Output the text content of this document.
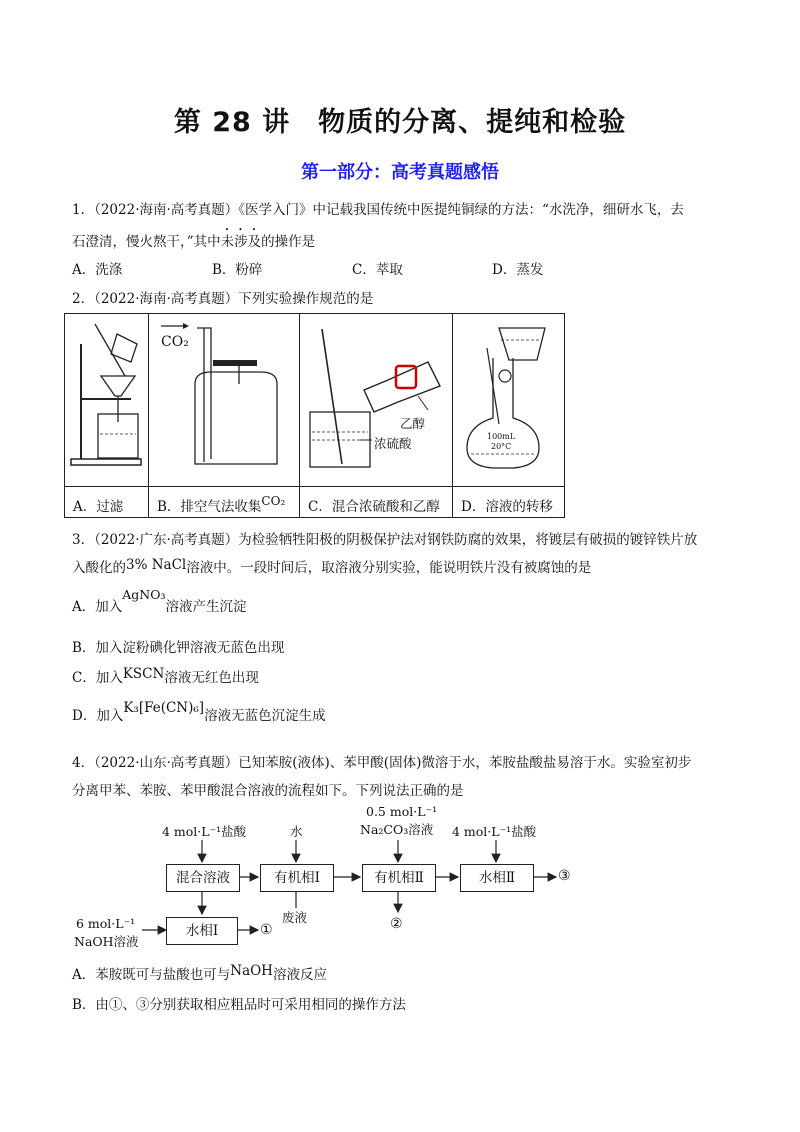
第 28 讲　物质的分离、提纯和检验
第一部分：高考真题感悟
1．（2022·海南·高考真题）《医学入门》中记载我国传统中医提纯铜绿的方法：“水洗净，细研水飞，去
石澄清，慢火熬干，”其中未涉及的操作是
A．洗涤	B．粉碎	C．萃取	D．蒸发
2．（2022·海南·高考真题）下列实验操作规范的是

CO₂	乙醇
浓硫酸	100mL
20°C

A．过滤	B．排空气法收集CO₂	C．混合浓硫酸和乙醇	D．溶液的转移
3．（2022·广东·高考真题）为检验牺牲阳极的阴极保护法对钢铁防腐的效果，将镀层有破损的镀锌铁片放
入酸化的3% NaCl溶液中。一段时间后，取溶液分别实验，能说明铁片没有被腐蚀的是
A．加入AgNO₃溶液产生沉淀
B．加入淀粉碘化钾溶液无蓝色出现
C．加入KSCN溶液无红色出现
D．加入K₃[Fe(CN)₆]溶液无蓝色沉淀生成
4．（2022·山东·高考真题）已知苯胺(液体)、苯甲酸(固体)微溶于水，苯胺盐酸盐易溶于水。实验室初步
分离甲苯、苯胺、苯甲酸混合溶液的流程如下。下列说法正确的是
混合溶液	有机相Ⅰ	有机相Ⅱ	水相Ⅱ
水相Ⅰ
4 mol·L⁻¹盐酸	水
0.5 mol·L⁻¹
Na₂CO₃溶液 4 mol·L⁻¹盐酸
6 mol·L⁻¹
NaOH溶液
废液
①	②
③
A．苯胺既可与盐酸也可与NaOH溶液反应
B．由①、③分别获取相应粗品时可采用相同的操作方法
